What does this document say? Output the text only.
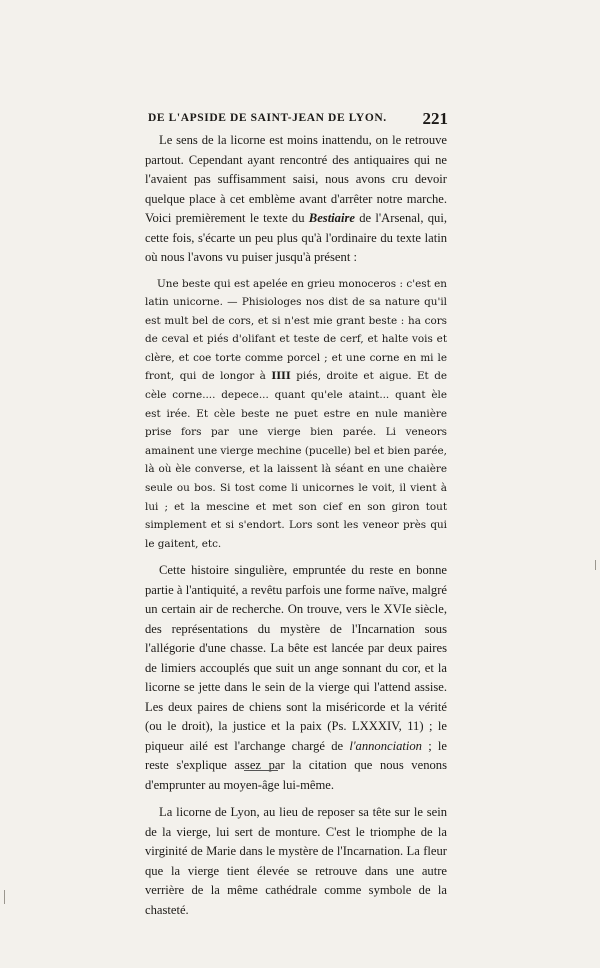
DE L'APSIDE DE SAINT-JEAN DE LYON. 221

Le sens de la licorne est moins inattendu, on le retrouve partout. Cependant ayant rencontré des antiquaires qui ne l'avaient pas suffisamment saisi, nous avons cru devoir quelque place à cet emblème avant d'arrêter notre marche. Voici premièrement le texte du Bestiaire de l'Arsenal, qui, cette fois, s'écarte un peu plus qu'à l'ordinaire du texte latin où nous l'avons vu puiser jusqu'à présent :

Une beste qui est apelée en grieu monoceros : c'est en latin unicorne. — Phisiologes nos dist de sa nature qu'il est mult bel de cors, et si n'est mie grant beste : ha cors de ceval et piés d'olifant et teste de cerf, et halte vois et clère, et coe torte comme porcel ; et une corne en mi le front, qui de longor à IIII piés, droite et aigue. Et de cèle corne.... depece... quant qu'ele ataint... quant èle est irée. Et cèle beste ne puet estre en nule manière prise fors par une vierge bien parée. Li veneors amainent une vierge mechine (pucelle) bel et bien parée, là où èle converse, et la laissent là séant en une chaière seule ou bos. Si tost come li unicornes le voit, il vient à lui ; et la mescine et met son cief en son giron tout simplement et si s'endort. Lors sont les veneor près qui le gaitent, etc.

Cette histoire singulière, empruntée du reste en bonne partie à l'antiquité, a revêtu parfois une forme naïve, malgré un certain air de recherche. On trouve, vers le XVIe siècle, des représentations du mystère de l'Incarnation sous l'allégorie d'une chasse. La bête est lancée par deux paires de limiers accouplés que suit un ange sonnant du cor, et la licorne se jette dans le sein de la vierge qui l'attend assise. Les deux paires de chiens sont la miséricorde et la vérité (ou le droit), la justice et la paix (Ps. LXXXIV, 11) ; le piqueur ailé est l'archange chargé de l'annonciation ; le reste s'explique assez par la citation que nous venons d'emprunter au moyen-âge lui-même.

La licorne de Lyon, au lieu de reposer sa tête sur le sein de la vierge, lui sert de monture. C'est le triomphe de la virginité de Marie dans le mystère de l'Incarnation. La fleur que la vierge tient élevée se retrouve dans une autre verrière de la même cathédrale comme symbole de la chasteté.
